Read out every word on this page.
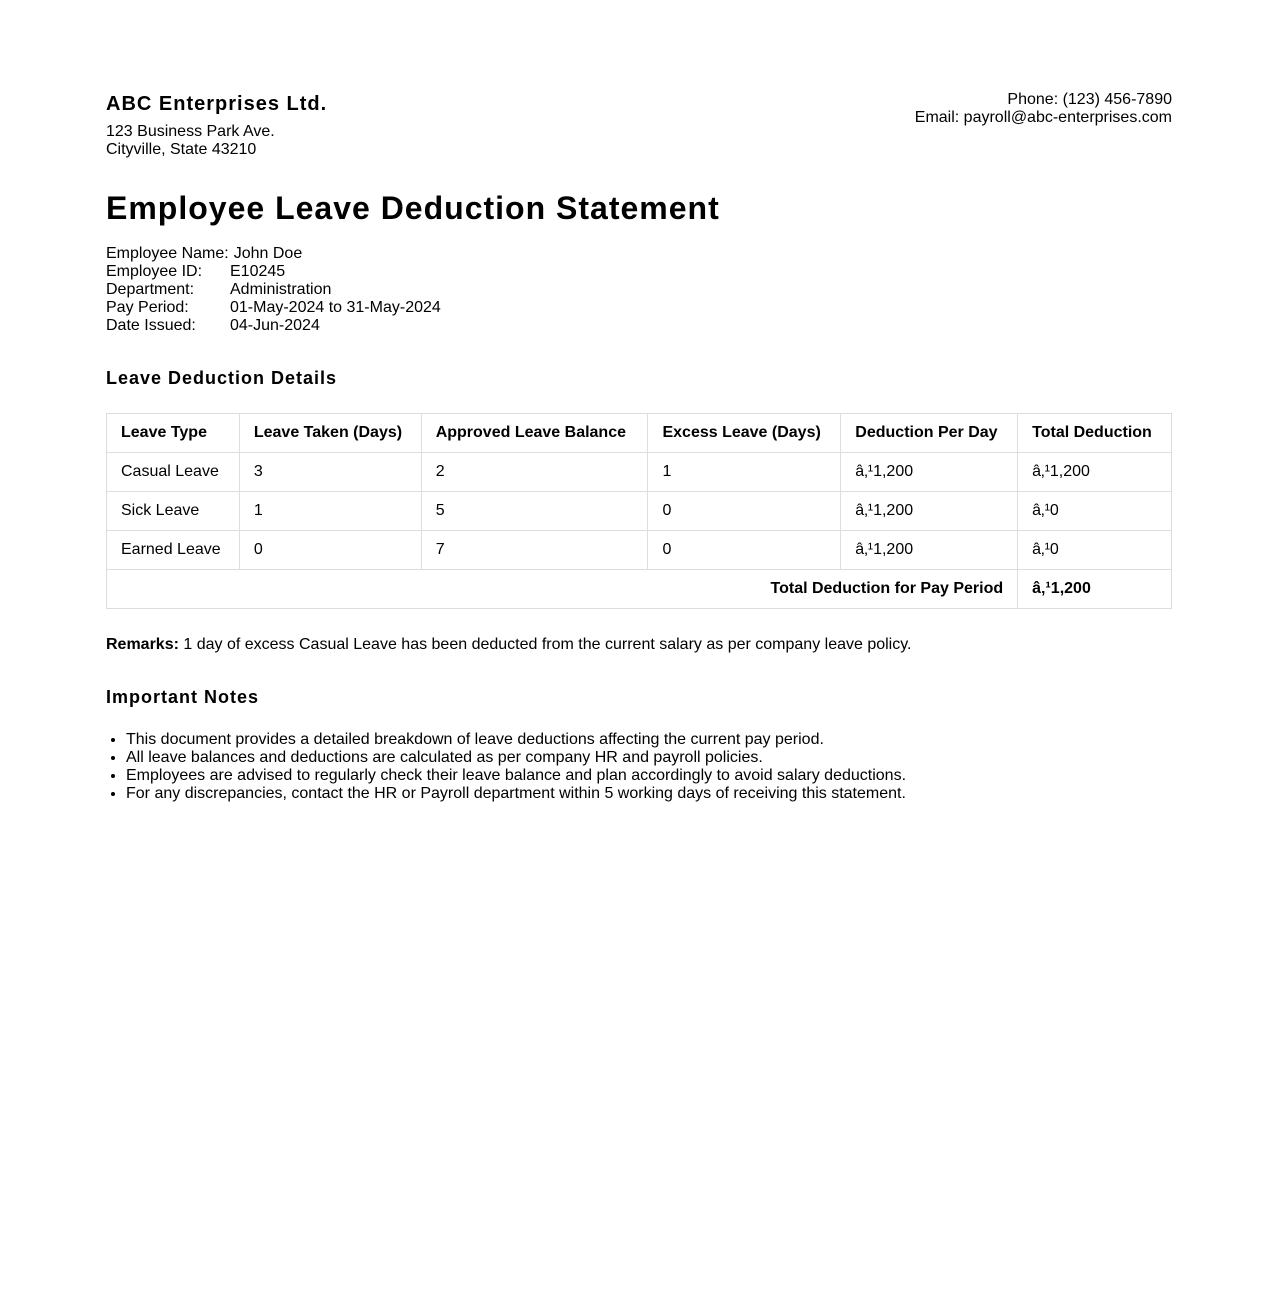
ABC Enterprises Ltd.
123 Business Park Ave.
Cityville, State 43210
Phone: (123) 456-7890
Email: payroll@abc-enterprises.com
Employee Leave Deduction Statement
Employee Name: John Doe
Employee ID:	E10245
Department:	Administration
Pay Period:	01-May-2024 to 31-May-2024
Date Issued:	04-Jun-2024
Leave Deduction Details
Leave Type	Leave Taken (Days)	Approved Leave Balance	Excess Leave (Days)	Deduction Per Day	Total Deduction
Casual Leave	3	2	1	â‚¹1,200	â‚¹1,200
Sick Leave	1	5	0	â‚¹1,200	â‚¹0
Earned Leave	0	7	0	â‚¹1,200	â‚¹0
Total Deduction for Pay Period					â‚¹1,200

Remarks: 1 day of excess Casual Leave has been deducted from the current salary as per company leave policy.

Important Notes
• This document provides a detailed breakdown of leave deductions affecting the current pay period.
• All leave balances and deductions are calculated as per company HR and payroll policies.
• Employees are advised to regularly check their leave balance and plan accordingly to avoid salary deductions.
• For any discrepancies, contact the HR or Payroll department within 5 working days of receiving this statement.
